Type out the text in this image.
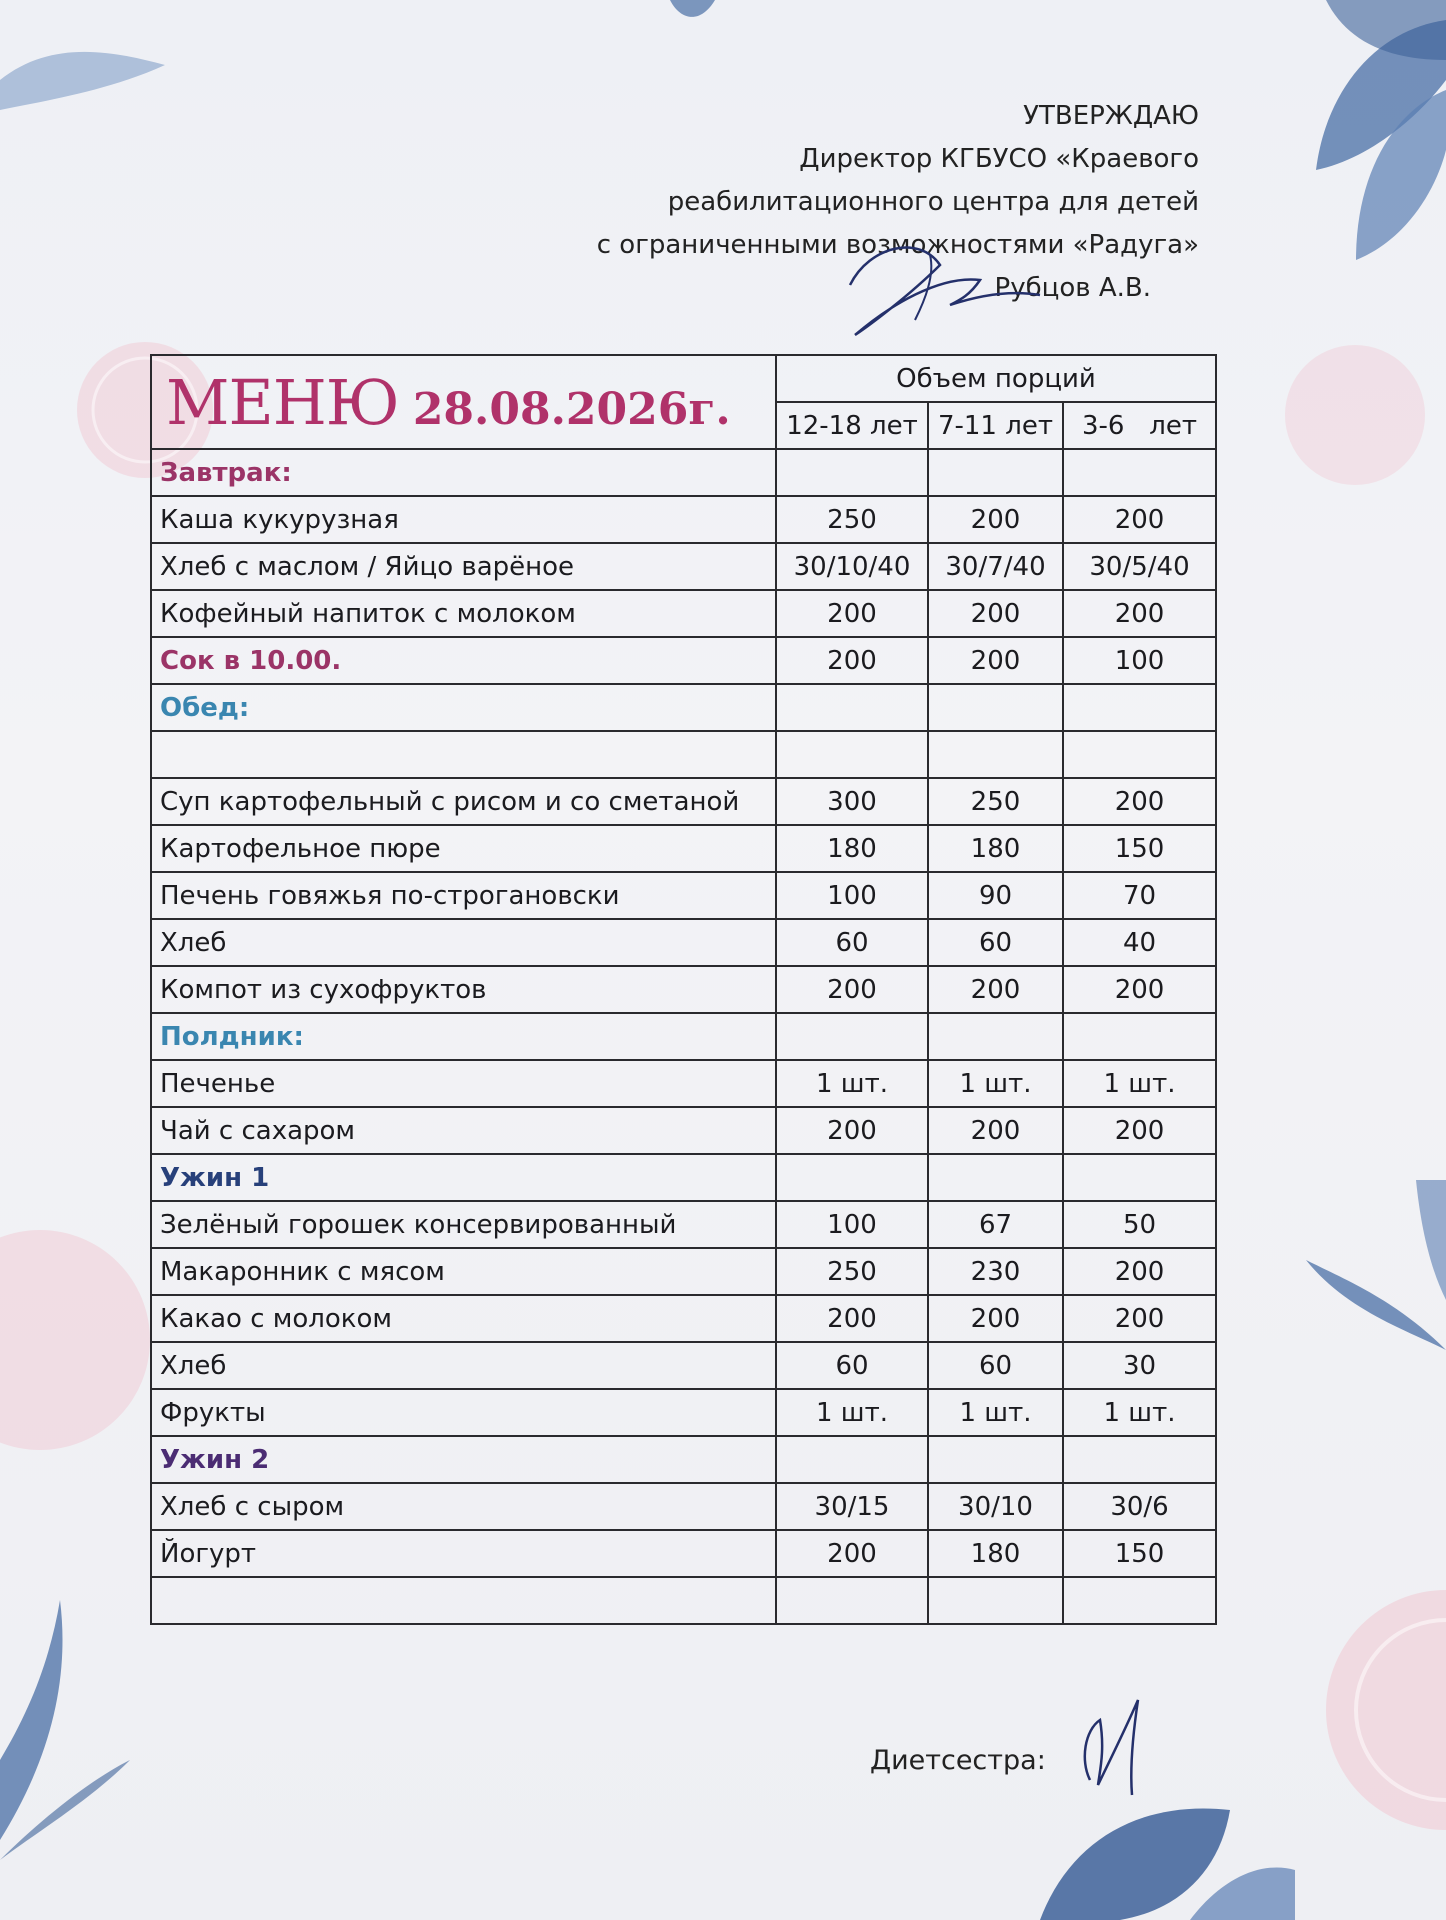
УТВЕРЖДАЮ
Директор КГБУСО «Краевого
реабилитационного центра для детей
с ограниченными возможностями «Радуга»
Рубцов А.В.
МЕНЮ 28.08.2026г.	Объем порций		
	12-18 лет	7-11 лет	3-6   лет
Завтрак:			
Каша кукурузная	250	200	200
Хлеб с маслом / Яйцо варёное	30/10/40	30/7/40	30/5/40
Кофейный напиток с молоком	200	200	200
Сок в 10.00.	200	200	100
Обед:			

Суп картофельный с рисом и со сметаной	300	250	200
Картофельное пюре	180	180	150
Печень говяжья по-строгановски	100	90	70
Хлеб	60	60	40
Компот из сухофруктов	200	200	200
Полдник:			
Печенье	1 шт.	1 шт.	1 шт.
Чай с сахаром	200	200	200
Ужин 1			
Зелёный горошек консервированный	100	67	50
Макаронник с мясом	250	230	200
Какао с молоком	200	200	200
Хлеб	60	60	30
Фрукты	1 шт.	1 шт.	1 шт.
Ужин 2			
Хлеб с сыром	30/15	30/10	30/6
Йогурт	200	180	150

Диетсестра:
